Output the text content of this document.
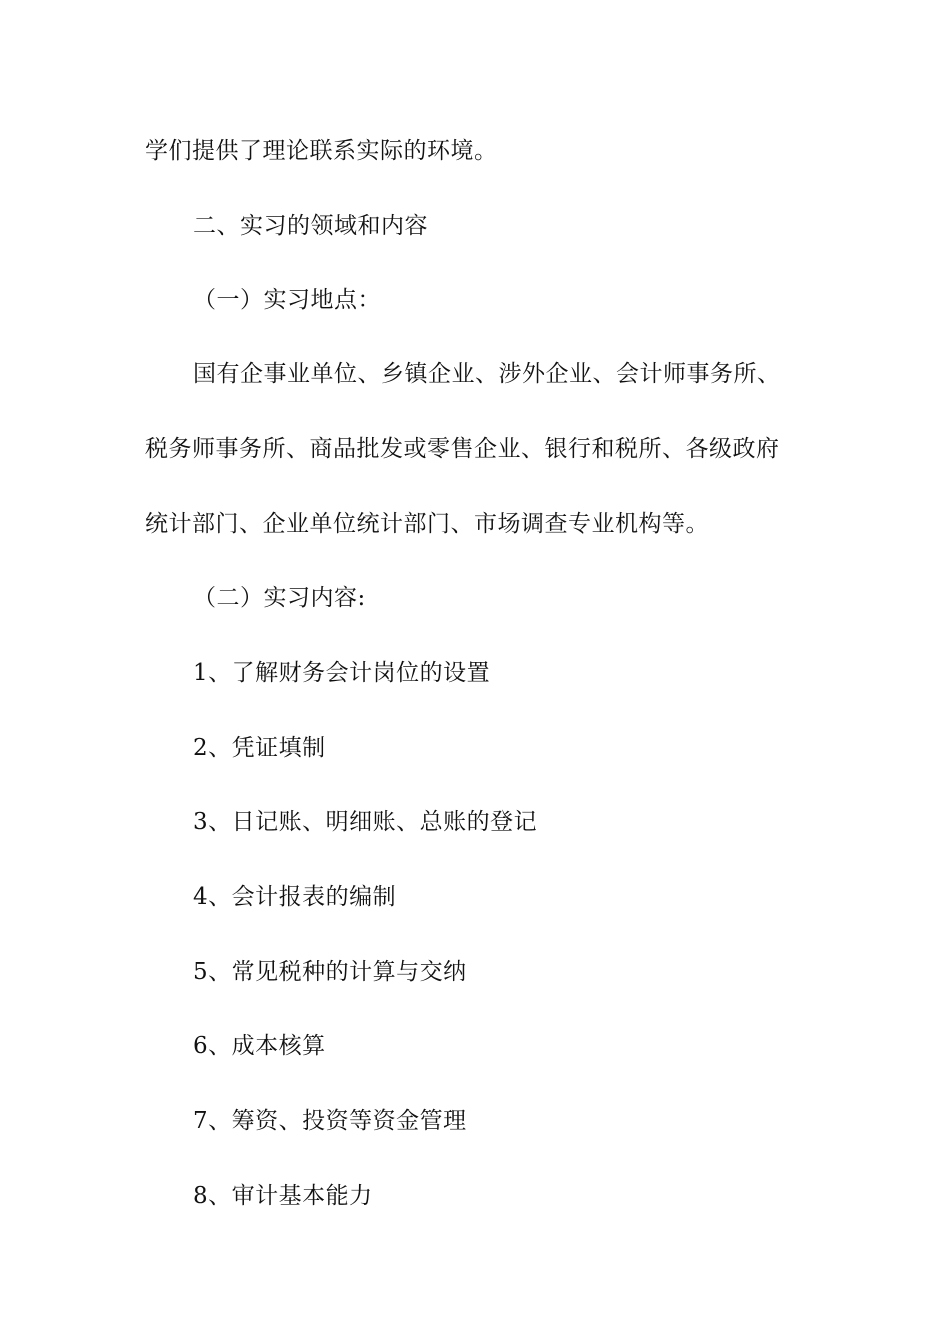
学们提供了理论联系实际的环境。
二、实习的领域和内容
（一）实习地点：
国有企事业单位、乡镇企业、涉外企业、会计师事务所、
税务师事务所、商品批发或零售企业、银行和税所、各级政府
统计部门、企业单位统计部门、市场调查专业机构等。
（二）实习内容:
1、了解财务会计岗位的设置
2、凭证填制
3、日记账、明细账、总账的登记
4、会计报表的编制
5、常见税种的计算与交纳
6、成本核算
7、筹资、投资等资金管理
8、审计基本能力
